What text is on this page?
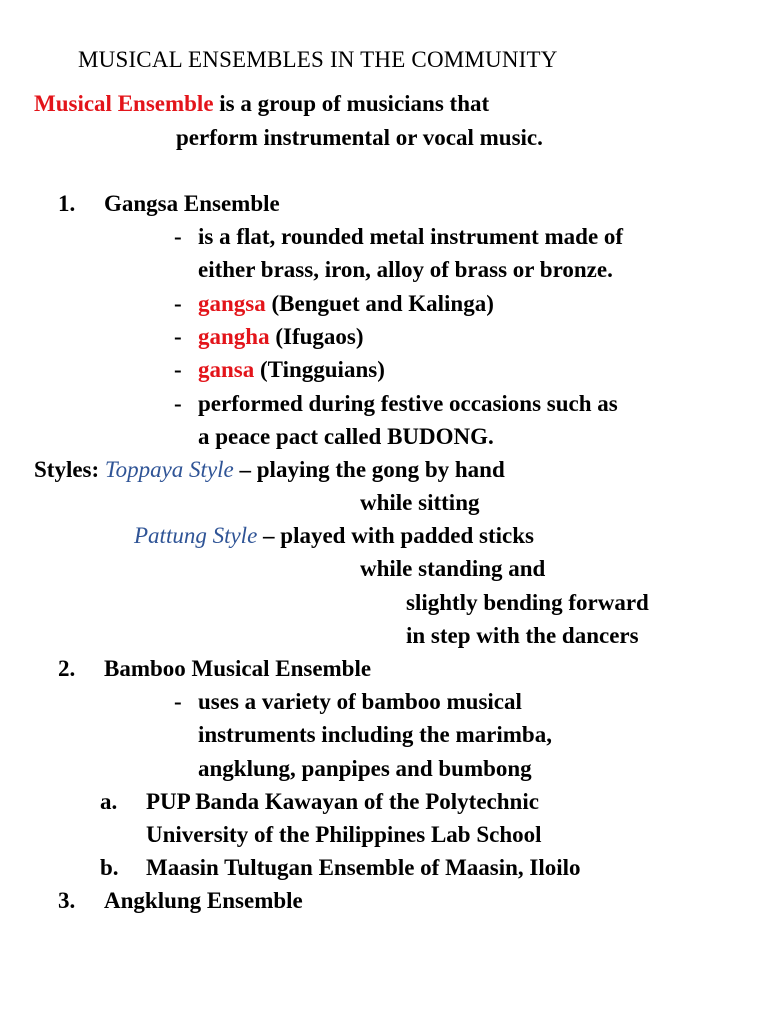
MUSICAL ENSEMBLES IN THE COMMUNITY
Musical Ensemble is a group of musicians that
perform instrumental or vocal music.
1. Gangsa Ensemble
- is a flat, rounded metal instrument made of
either brass, iron, alloy of brass or bronze.
- gangsa (Benguet and Kalinga)
- gangha (Ifugaos)
- gansa (Tingguians)
- performed during festive occasions such as
a peace pact called BUDONG.
Styles: Toppaya Style – playing the gong by hand
while sitting
Pattung Style – played with padded sticks
while standing and
slightly bending forward
in step with the dancers
2. Bamboo Musical Ensemble
- uses a variety of bamboo musical
instruments including the marimba,
angklung, panpipes and bumbong
a. PUP Banda Kawayan of the Polytechnic
University of the Philippines Lab School
b. Maasin Tultugan Ensemble of Maasin, Iloilo
3. Angklung Ensemble
